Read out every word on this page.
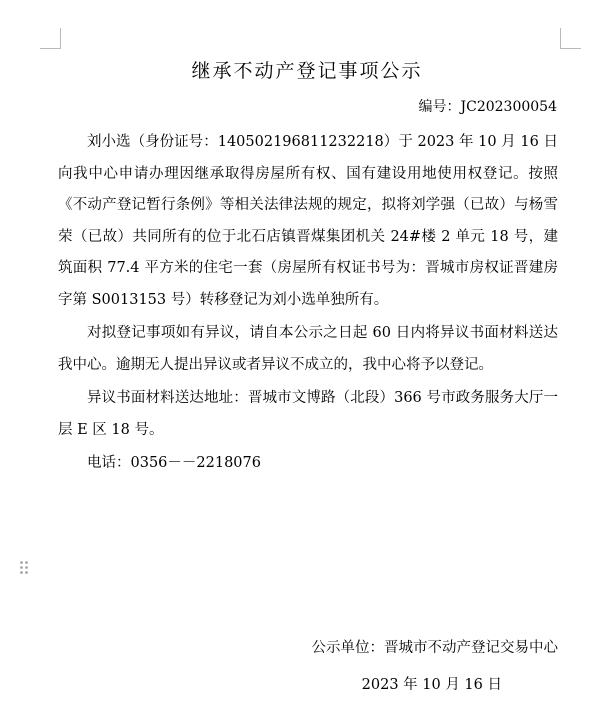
继承不动产登记事项公示
编号：JC202300054

刘小选（身份证号：140502196811232218）于 2023 年 10 月 16 日向我中心申请办理因继承取得房屋所有权、国有建设用地使用权登记。按照《不动产登记暂行条例》等相关法律法规的规定，拟将刘学强（已故）与杨雪荣（已故）共同所有的位于北石店镇晋煤集团机关 24#楼 2 单元 18 号，建筑面积 77.4 平方米的住宅一套（房屋所有权证书号为：晋城市房权证晋建房字第 S0013153 号）转移登记为刘小选单独所有。

对拟登记事项如有异议，请自本公示之日起 60 日内将异议书面材料送达我中心。逾期无人提出异议或者异议不成立的，我中心将予以登记。

异议书面材料送达地址：晋城市文博路（北段）366 号市政务服务大厅一层 E 区 18 号。

电话：0356－－2218076

公示单位：晋城市不动产登记交易中心
2023 年 10 月 16 日
